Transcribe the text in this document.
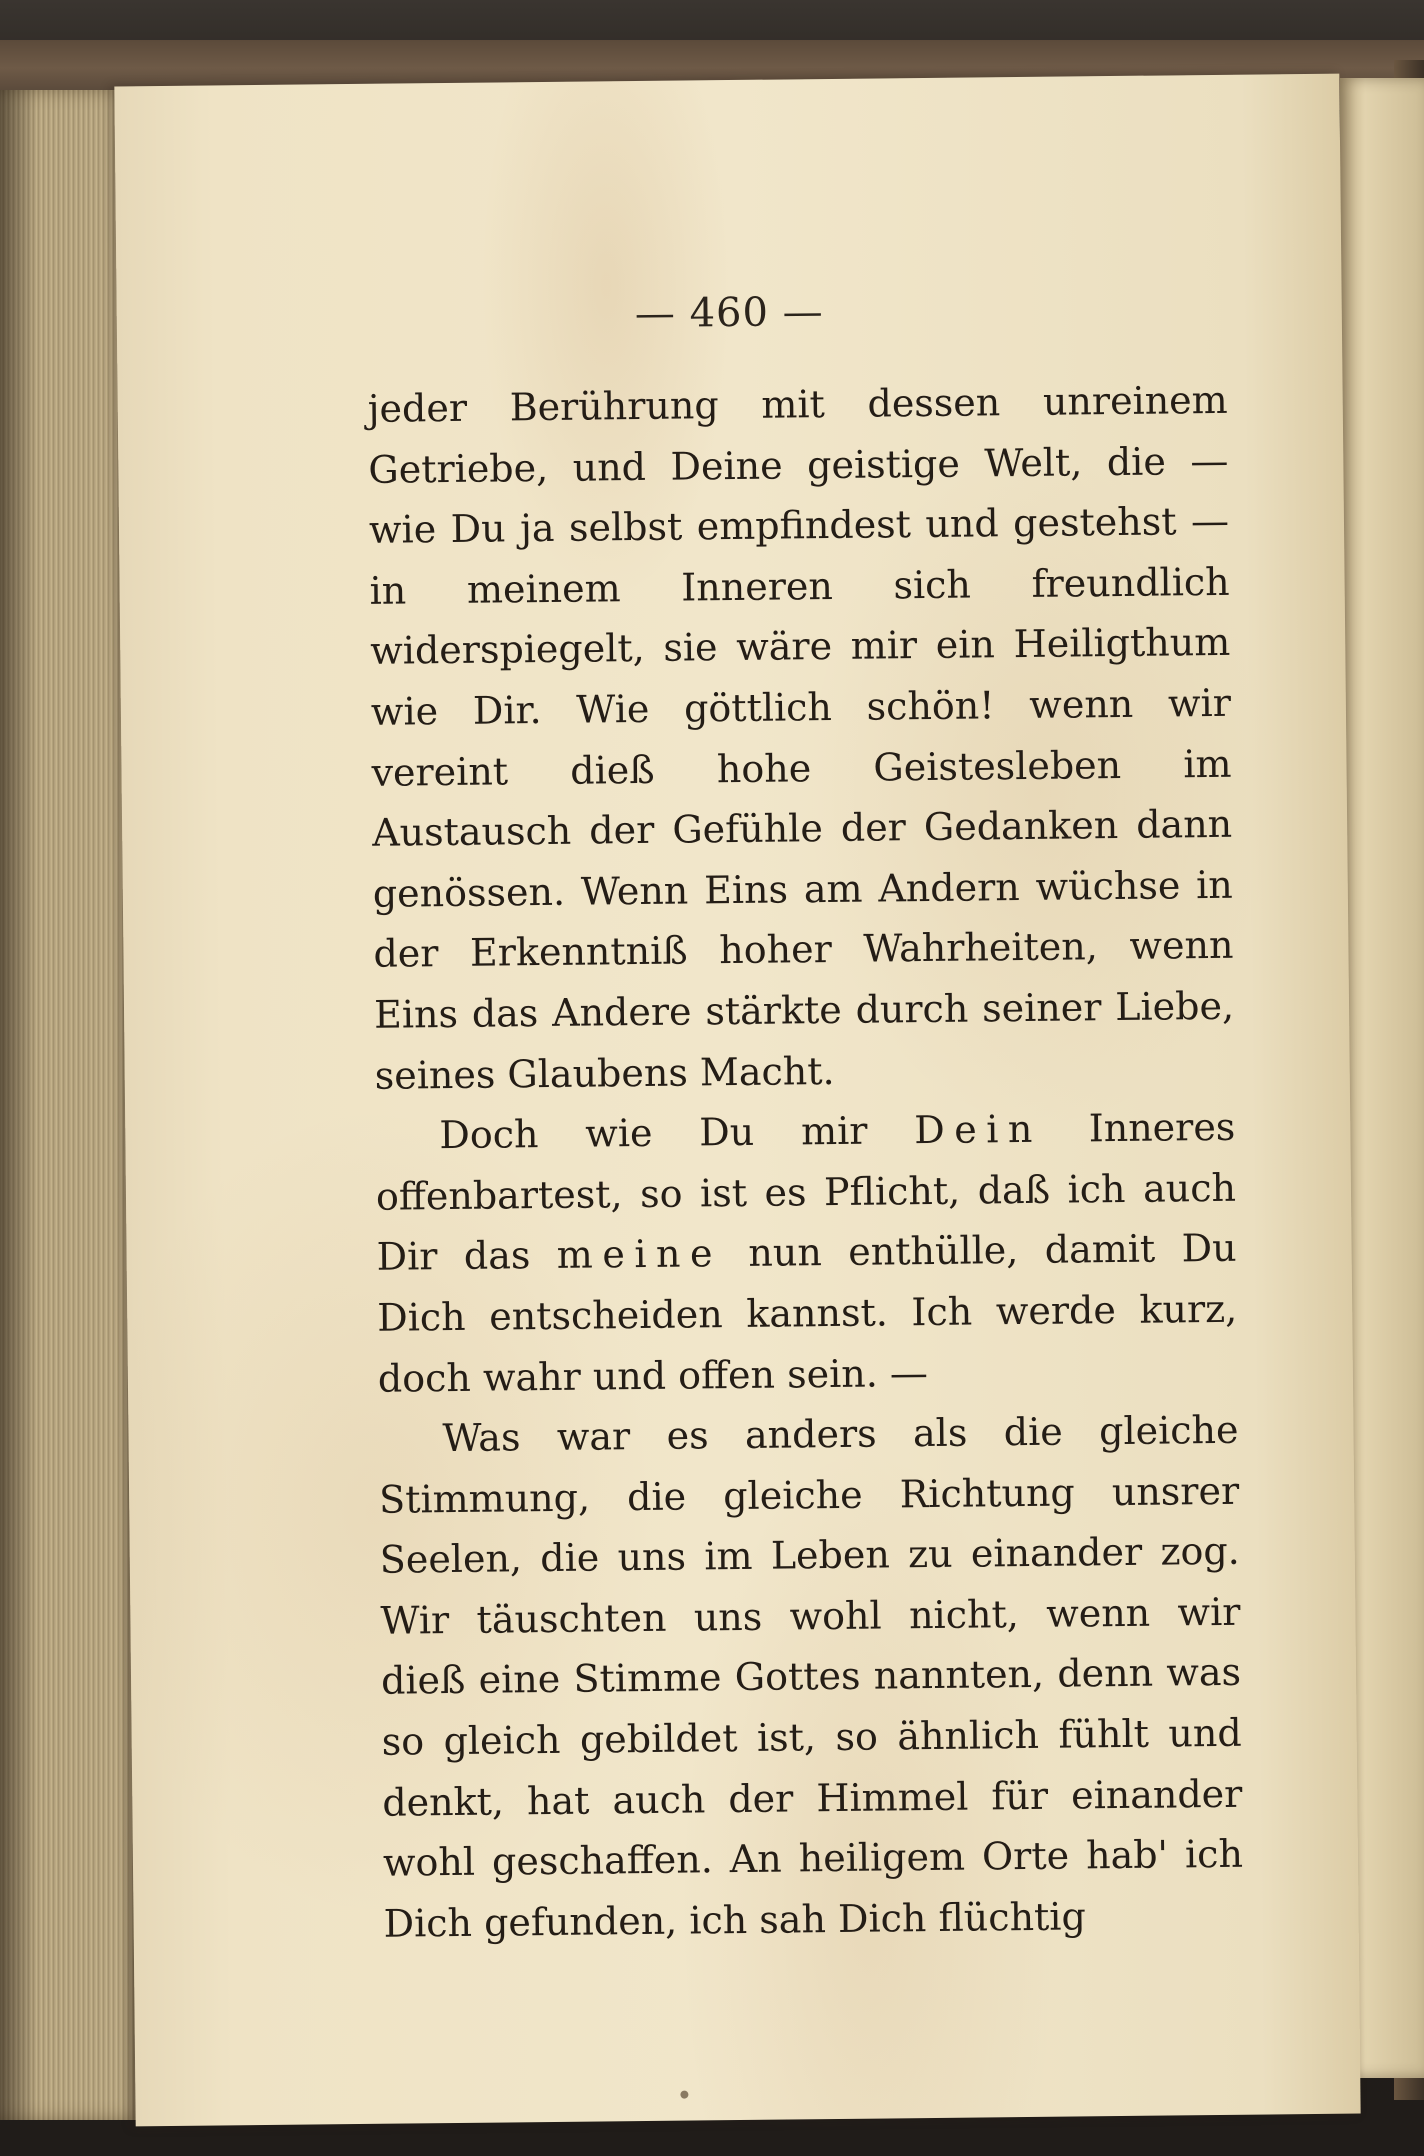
— 460 —

jeder Berührung mit dessen unreinem Getriebe, und Deine geistige Welt, die — wie Du ja selbst empfindest und gestehst — in meinem Inneren sich freundlich widerspiegelt, sie wäre mir ein Heiligthum wie Dir. Wie göttlich schön! wenn wir vereint dieß hohe Geistesleben im Austausch der Gefühle der Gedanken dann genössen. Wenn Eins am Andern wüchse in der Erkenntniß hoher Wahrheiten, wenn Eins das Andere stärkte durch seiner Liebe, seines Glaubens Macht.

Doch wie Du mir Dein Inneres offenbartest, so ist es Pflicht, daß ich auch Dir das meine nun enthülle, damit Du Dich entscheiden kannst. Ich werde kurz, doch wahr und offen sein. —

Was war es anders als die gleiche Stimmung, die gleiche Richtung unsrer Seelen, die uns im Leben zu einander zog. Wir täuschten uns wohl nicht, wenn wir dieß eine Stimme Gottes nannten, denn was so gleich gebildet ist, so ähnlich fühlt und denkt, hat auch der Himmel für einander wohl geschaffen. An heiligem Orte hab' ich Dich gefunden, ich sah Dich flüchtig
